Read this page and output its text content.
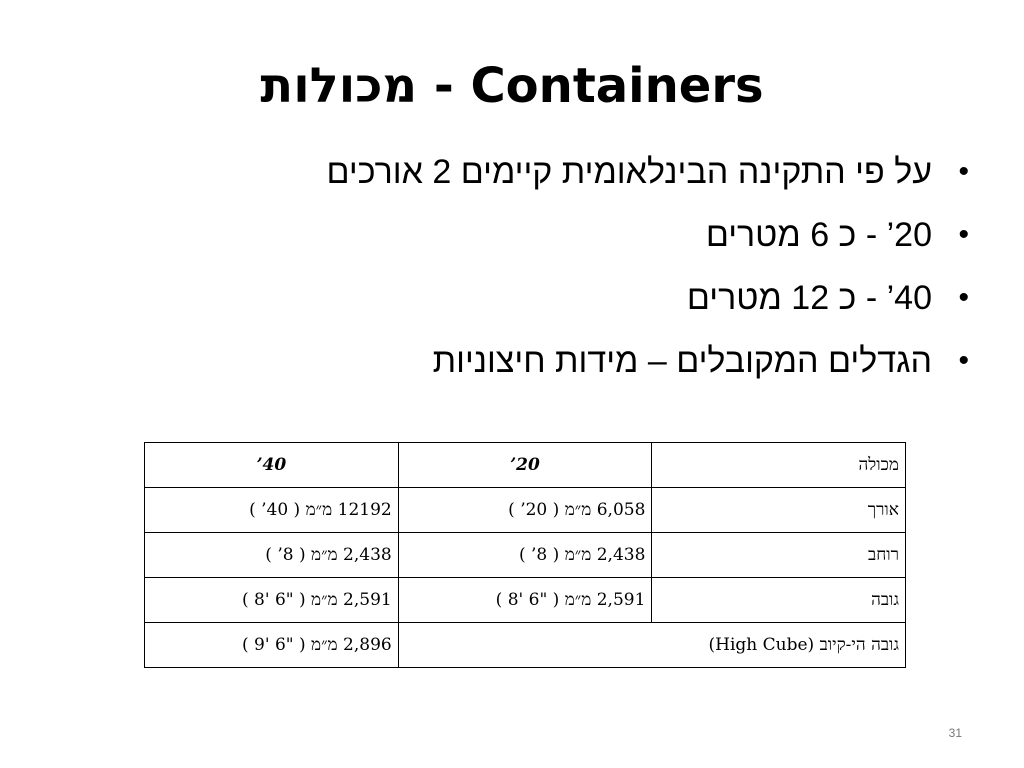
מכולות - Containers
•
על פי התקינה הבינלאומית קיימים 2 אורכים
•
20’ - כ 6 מטרים
•
40’ - כ 12 מטרים
•
הגדלים המקובלים – מידות חיצוניות
מכולה	20’	40’
אורך	6,058 מ״מ ( 20’ )	12192 מ״מ ( 40’ )
רוחב	2,438 מ״מ ( 8’ )	2,438 מ״מ ( 8’ )
גובה	2,591 מ״מ ( "6 '8 )	2,591 מ״מ ( "6 '8 )
גובה הי-קיוב (High Cube)		2,896 מ״מ ( "6 '9 )
31
